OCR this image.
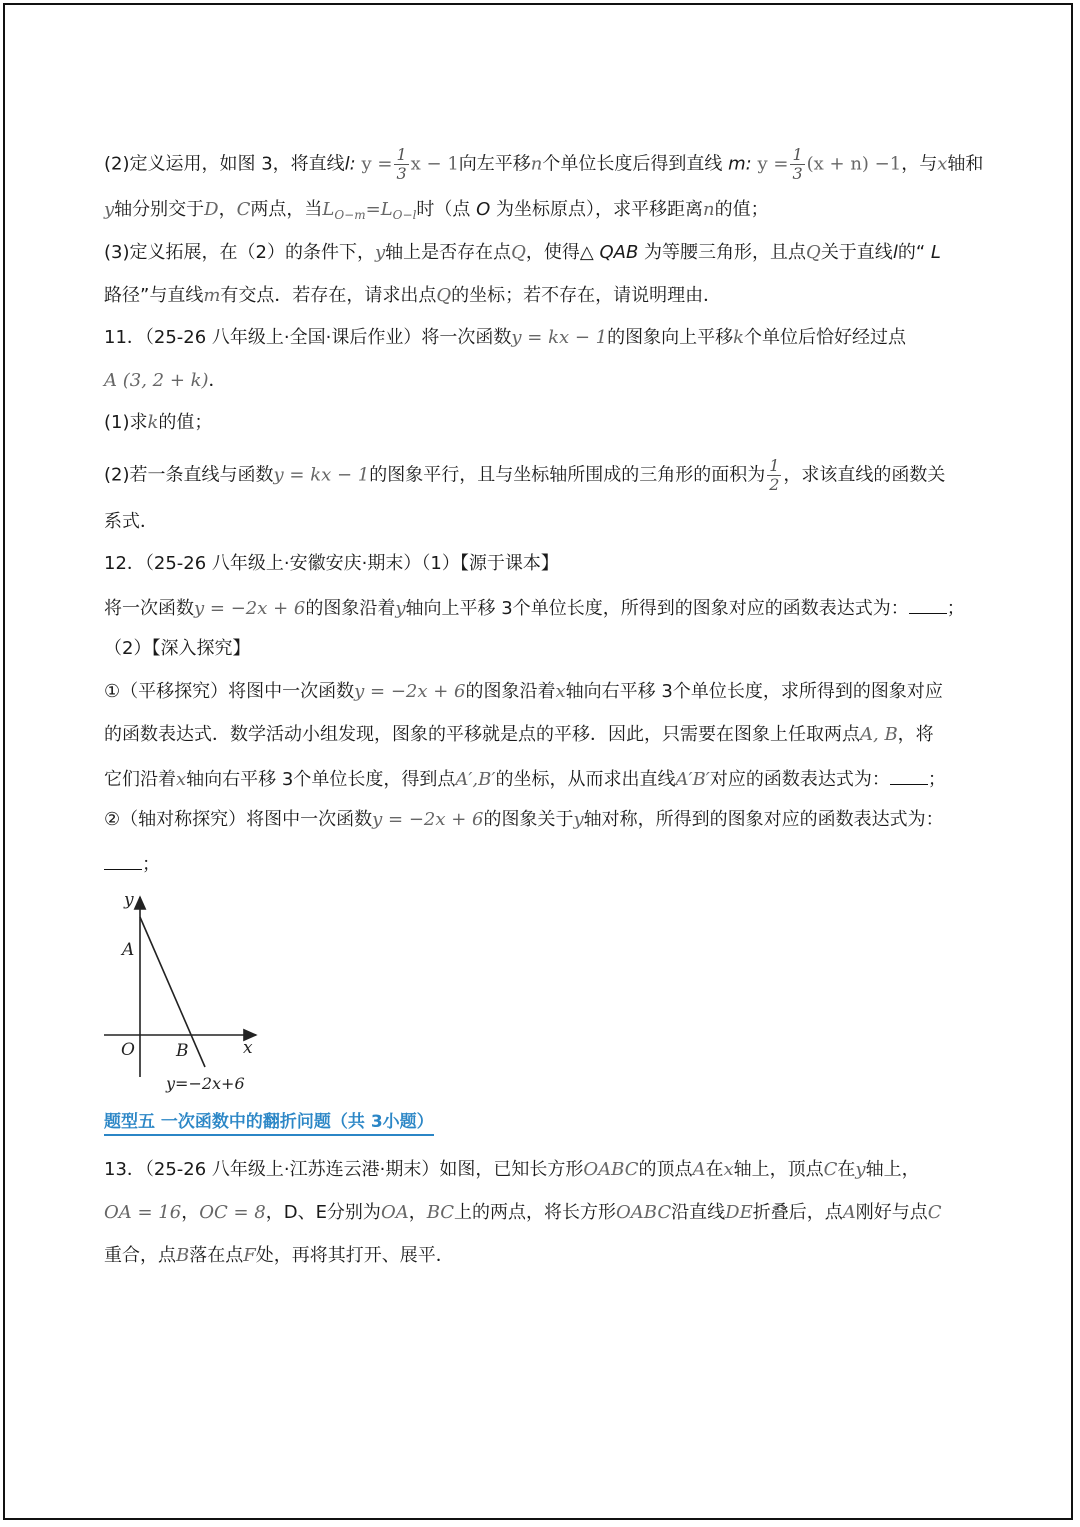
(2)定义运用，如图 3，将直线l: $y = \frac{1}{3}$ x − 1向左平移n个单位长度后得到直线 m: $y = \frac{1}{3} (x + n) -1$，与x轴和
y轴分别交于D，C两点，当$L_{O-m}=L_{O-l}$时（点 O 为坐标原点），求平移距离n的值；
(3)定义拓展，在（2）的条件下，y轴上是否存在点Q，使得△ QAB 为等腰三角形，且点Q关于直线l的“ L
路径”与直线m有交点．若存在，请求出点Q的坐标；若不存在，请说明理由．
11．（25-26 八年级上·全国·课后作业）将一次函数y = kx − 1的图象向上平移k个单位后恰好经过点
A (3, 2 + k)．
(1)求k的值；
(2)若一条直线与函数y = kx − 1的图象平行，且与坐标轴所围成的三角形的面积为 $\frac{1}{2}$ ，求该直线的函数关
系式．
12．（25-26 八年级上·安徽安庆·期末）（1）【源于课本】
将一次函数y = −2x + 6的图象沿着y轴向上平移 3个单位长度，所得到的图象对应的函数表达式为： ；
（2）【深入探究】
①（平移探究）将图中一次函数y = −2x + 6的图象沿着x轴向右平移 3个单位长度，求所得到的图象对应
的函数表达式．数学活动小组发现，图象的平移就是点的平移．因此，只需要在图象上任取两点A, B，将
它们沿着x轴向右平移 3个单位长度，得到点A′,B′的坐标，从而求出直线A′B′对应的函数表达式为： ；
②（轴对称探究）将图中一次函数y = −2x + 6的图象关于y轴对称，所得到的图象对应的函数表达式为：
；
y
x
A
O B
y=−2x+6
题型五 一次函数中的翻折问题（共 3小题）
13．（25-26 八年级上·江苏连云港·期末）如图，已知长方形OABC的顶点A在x轴上，顶点C在y轴上，
OA = 16，OC = 8，D、E分别为OA，BC上的两点，将长方形OABC沿直线DE折叠后，点A刚好与点C
重合，点B落在点F处，再将其打开、展平．
